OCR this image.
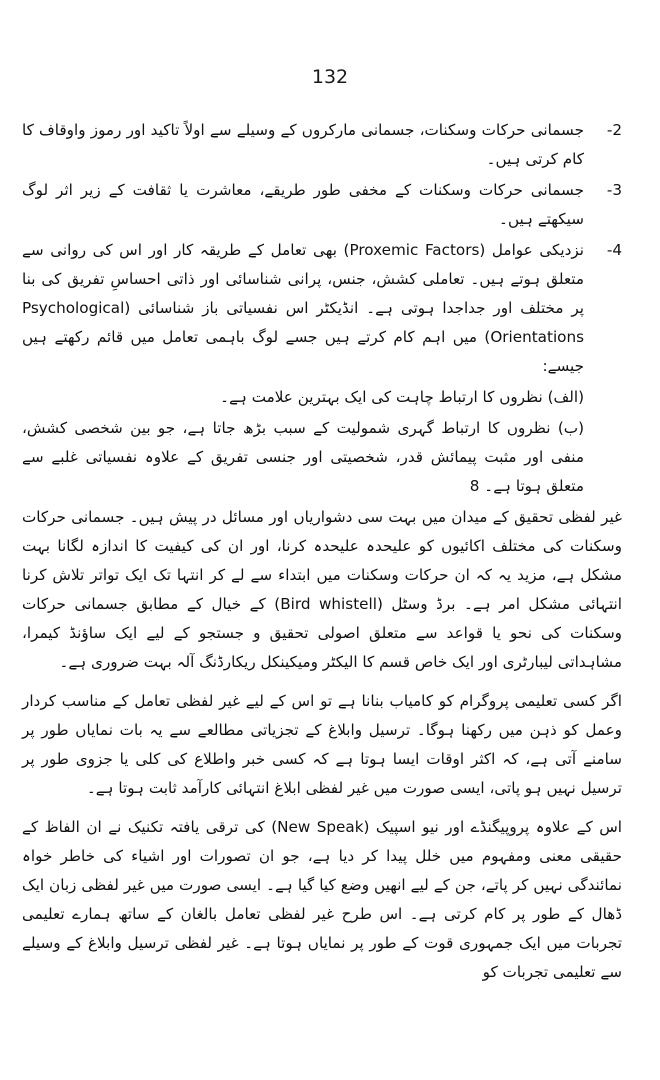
132
-2
جسمانی حرکات وسکنات، جسمانی مارکروں کے وسیلے سے اولاً تاکید اور رموز واوقاف کا کام کرتی ہیں۔
-3
جسمانی حرکات وسکنات کے مخفی طور طریقے، معاشرت یا ثقافت کے زیر اثر لوگ سیکھتے ہیں۔
-4
نزدیکی عوامل (Proxemic Factors) بھی تعامل کے طریقہ کار اور اس کی روانی سے متعلق ہوتے ہیں۔ تعاملی کشش، جنس، پرانی شناسائی اور ذاتی احساسِ تفریق کی بنا پر مختلف اور جداجدا ہوتی ہے۔ انڈیکٹر اس نفسیاتی باز شناسائی (Psychological Orientations) میں اہم کام کرتے ہیں جسے لوگ باہمی تعامل میں قائم رکھتے ہیں جیسے:

(الف) نظروں کا ارتباط چاہت کی ایک بہترین علامت ہے۔

(ب) نظروں کا ارتباط گہری شمولیت کے سبب بڑھ جاتا ہے، جو بین شخصی کشش، منفی اور مثبت پیمائش قدر، شخصیتی اور جنسی تفریق کے علاوہ نفسیاتی غلبے سے متعلق ہوتا ہے۔ 8

غیر لفظی تحقیق کے میدان میں بہت سی دشواریاں اور مسائل در پیش ہیں۔ جسمانی حرکات وسکنات کی مختلف اکائیوں کو علیحدہ علیحدہ کرنا، اور ان کی کیفیت کا اندازہ لگانا بہت مشکل ہے، مزید یہ کہ ان حرکات وسکنات میں ابتداء سے لے کر انتہا تک ایک تواتر تلاش کرنا انتہائی مشکل امر ہے۔ برڈ وسٹل (Bird whistell) کے خیال کے مطابق جسمانی حرکات وسکنات کی نحو یا قواعد سے متعلق اصولی تحقیق و جستجو کے لیے ایک ساؤنڈ کیمرا، مشاہداتی لیبارٹری اور ایک خاص قسم کا الیکٹر ومیکینکل ریکارڈنگ آلہ بہت ضروری ہے۔

اگر کسی تعلیمی پروگرام کو کامیاب بنانا ہے تو اس کے لیے غیر لفظی تعامل کے مناسب کردار وعمل کو ذہن میں رکھنا ہوگا۔ ترسیل وابلاغ کے تجزیاتی مطالعے سے یہ بات نمایاں طور پر سامنے آتی ہے، کہ اکثر اوقات ایسا ہوتا ہے کہ کسی خبر واطلاع کی کلی یا جزوی طور پر ترسیل نہیں ہو پاتی، ایسی صورت میں غیر لفظی ابلاغ انتہائی کارآمد ثابت ہوتا ہے۔

اس کے علاوہ پروپیگنڈے اور نیو اسپیک (New Speak) کی ترقی یافتہ تکنیک نے ان الفاظ کے حقیقی معنی ومفہوم میں خلل پیدا کر دیا ہے، جو ان تصورات اور اشیاء کی خاطر خواہ نمائندگی نہیں کر پاتے، جن کے لیے انھیں وضع کیا گیا ہے۔ ایسی صورت میں غیر لفظی زبان ایک ڈھال کے طور پر کام کرتی ہے۔ اس طرح غیر لفظی تعامل بالغان کے ساتھ ہمارے تعلیمی تجربات میں ایک جمہوری قوت کے طور پر نمایاں ہوتا ہے۔ غیر لفظی ترسیل وابلاغ کے وسیلے سے تعلیمی تجربات کو
